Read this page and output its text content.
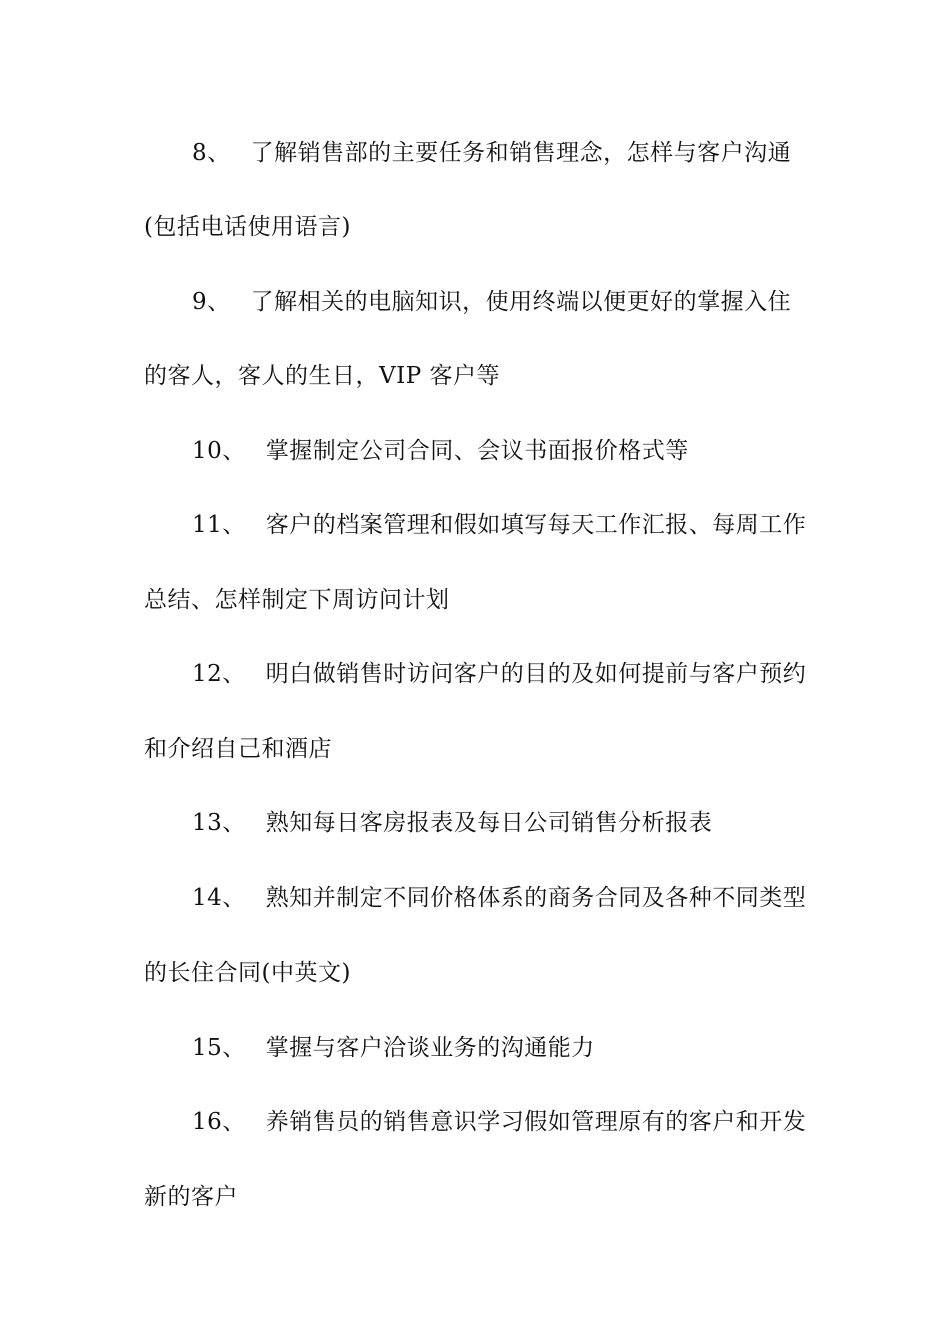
8、 了解销售部的主要任务和销售理念，怎样与客户沟通
(包括电话使用语言)
9、 了解相关的电脑知识，使用终端以便更好的掌握入住
的客人，客人的生日，VIP 客户等
10、 掌握制定公司合同、会议书面报价格式等
11、 客户的档案管理和假如填写每天工作汇报、每周工作
总结、怎样制定下周访问计划
12、 明白做销售时访问客户的目的及如何提前与客户预约
和介绍自己和酒店
13、 熟知每日客房报表及每日公司销售分析报表
14、 熟知并制定不同价格体系的商务合同及各种不同类型
的长住合同(中英文)
15、 掌握与客户洽谈业务的沟通能力
16、 养销售员的销售意识学习假如管理原有的客户和开发
新的客户
